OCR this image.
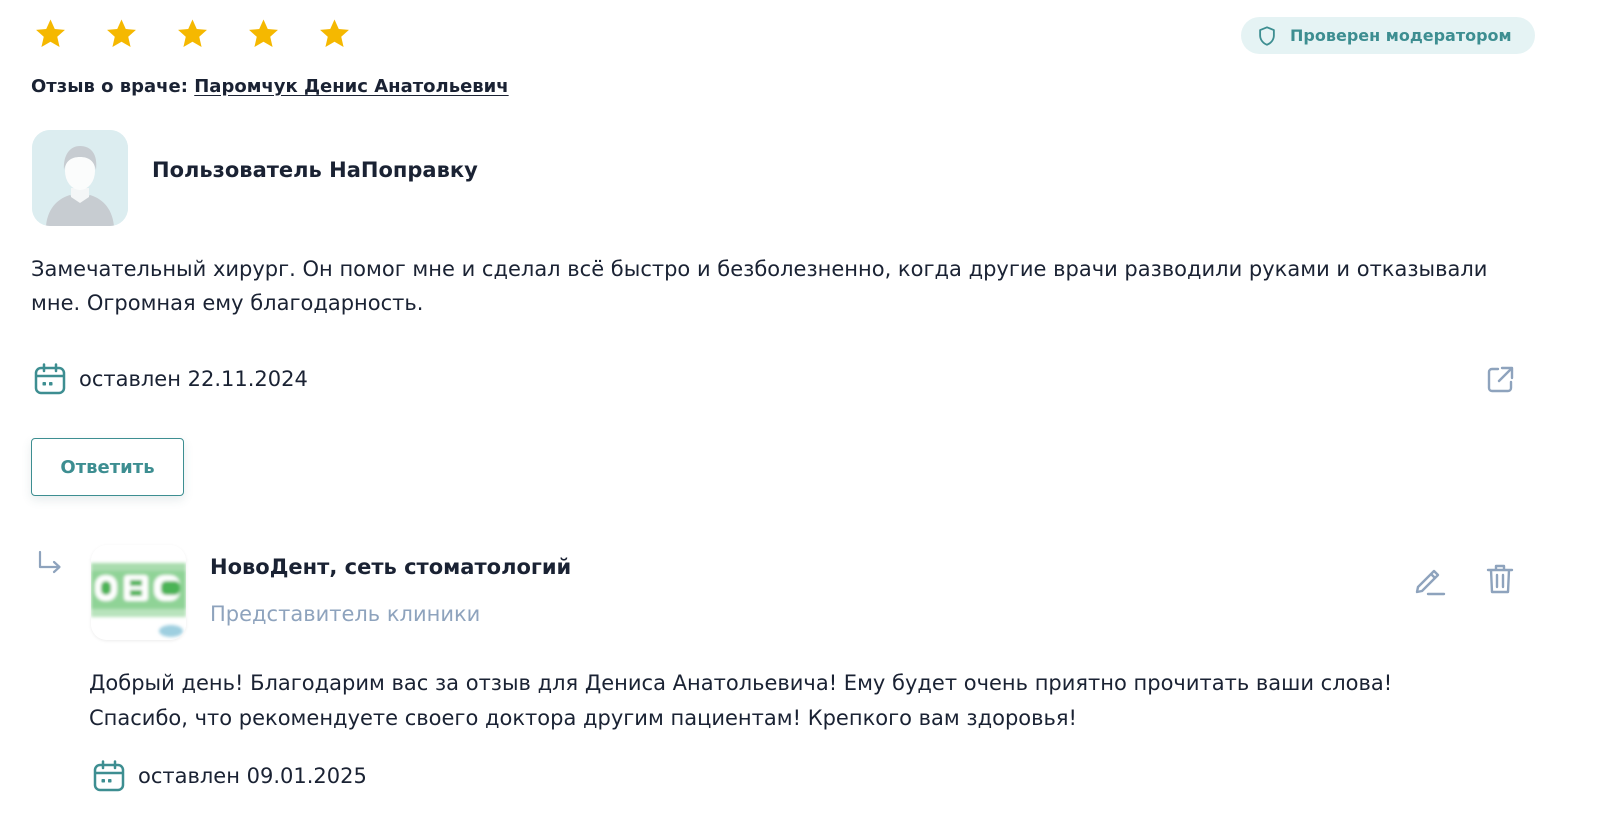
Проверен модератором
Отзыв о враче: Паромчук Денис Анатольевич
Пользователь НаПоправку

Замечательный хирург. Он помог мне и сделал всё быстро и безболезненно, когда другие врачи разводили руками и отказывали мне. Огромная ему благодарность.

оставлен 22.11.2024
Ответить
НовоДент, сеть стоматологий
Представитель клиники

Добрый день! Благодарим вас за отзыв для Дениса Анатольевича! Ему будет очень приятно прочитать ваши слова! Спасибо, что рекомендуете своего доктора другим пациентам! Крепкого вам здоровья!

оставлен 09.01.2025
